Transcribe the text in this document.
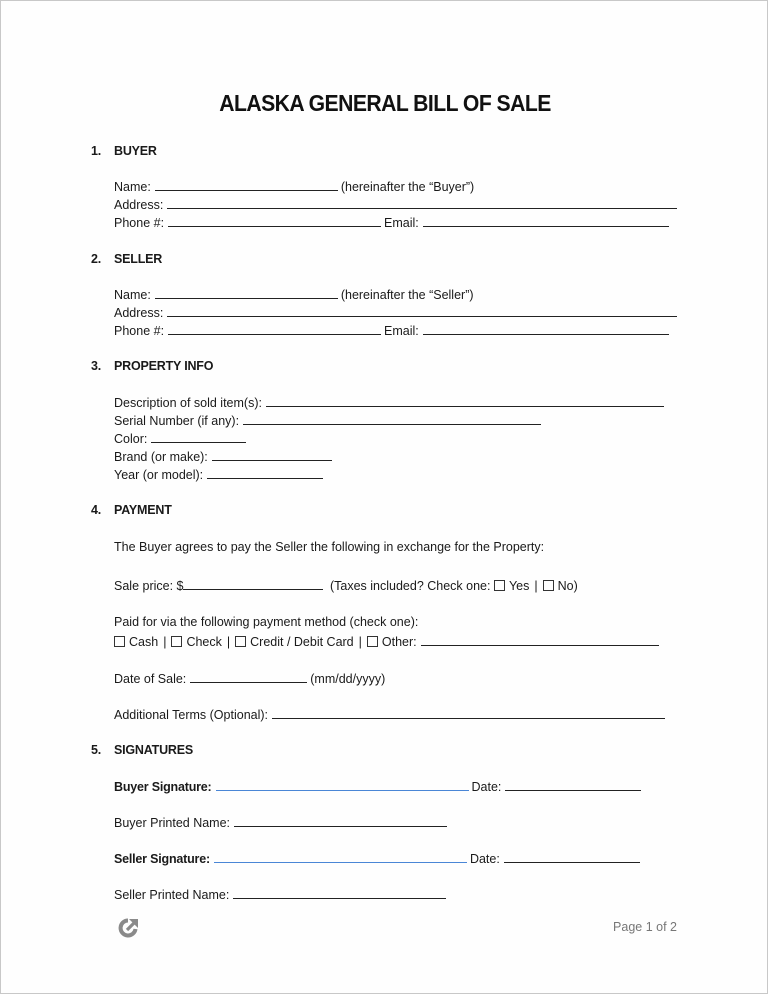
ALASKA GENERAL BILL OF SALE
1. BUYER
Name:	(hereinafter the “Buyer”)
Address:
Phone #:	Email:
2. SELLER
Name:	(hereinafter the “Seller”)
Address:
Phone #:	Email:
3. PROPERTY INFO
Description of sold item(s):
Serial Number (if any):
Color:
Brand (or make):
Year (or model):
4. PAYMENT
The Buyer agrees to pay the Seller the following in exchange for the Property:
Sale price: $	(Taxes included? Check one: Yes | No)
Paid for via the following payment method (check one):
Cash | Check | Credit / Debit Card | Other:
Date of Sale:	(mm/dd/yyyy)
Additional Terms (Optional):
5. SIGNATURES
Buyer Signature:	Date:
Buyer Printed Name:
Seller Signature:	Date:
Seller Printed Name:
Page 1 of 2
